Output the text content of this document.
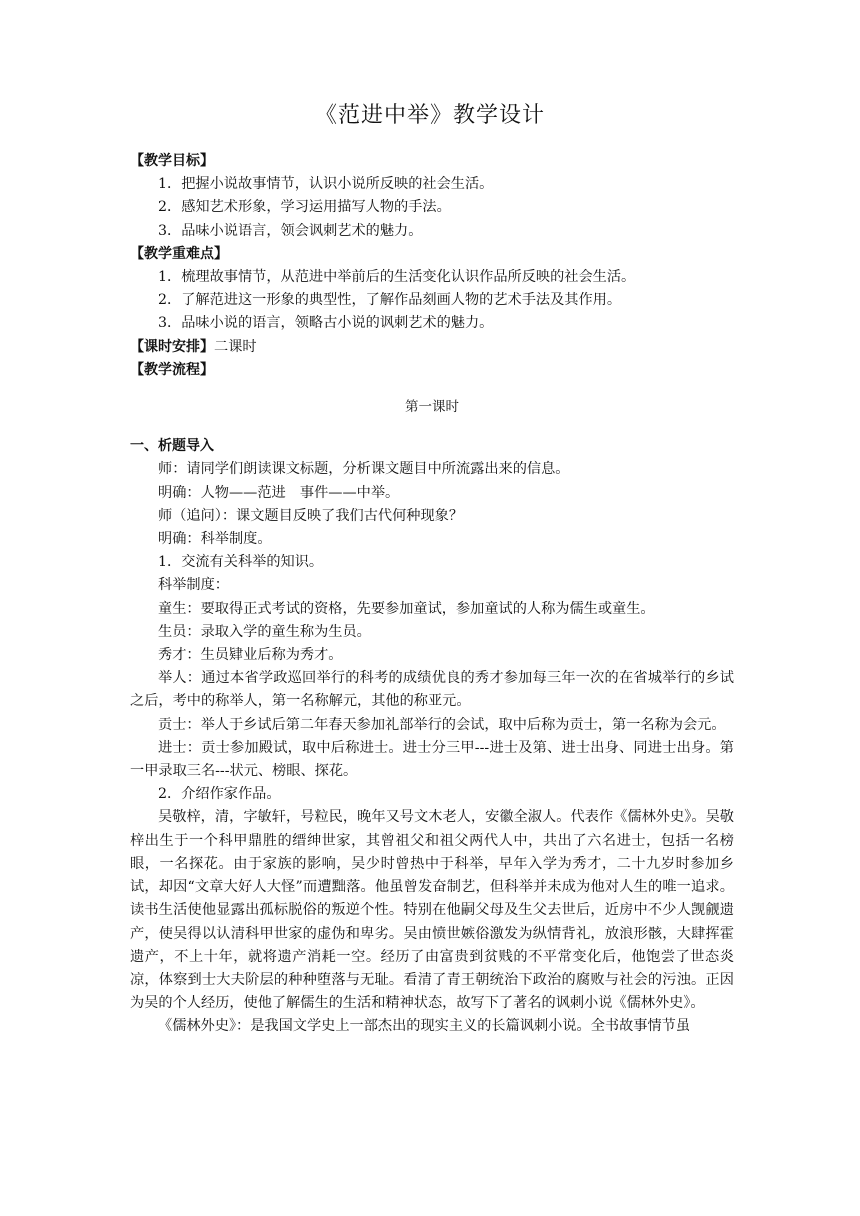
《范进中举》教学设计

【教学目标】

1．把握小说故事情节，认识小说所反映的社会生活。

2．感知艺术形象，学习运用描写人物的手法。

3．品味小说语言，领会讽刺艺术的魅力。

【教学重难点】

1．梳理故事情节，从范进中举前后的生活变化认识作品所反映的社会生活。

2．了解范进这一形象的典型性，了解作品刻画人物的艺术手法及其作用。

3．品味小说的语言，领略古小说的讽刺艺术的魅力。

【课时安排】二课时

【教学流程】

第一课时

一、析题导入

师：请同学们朗读课文标题，分析课文题目中所流露出来的信息。

明确：人物——范进　事件——中举。

师（追问）：课文题目反映了我们古代何种现象？

明确：科举制度。

1．交流有关科举的知识。

科举制度：

童生：要取得正式考试的资格，先要参加童试，参加童试的人称为儒生或童生。

生员：录取入学的童生称为生员。

秀才：生员肄业后称为秀才。

举人：通过本省学政巡回举行的科考的成绩优良的秀才参加每三年一次的在省城举行的乡试之后，考中的称举人，第一名称解元，其他的称亚元。

贡士：举人于乡试后第二年春天参加礼部举行的会试，取中后称为贡士，第一名称为会元。

进士：贡士参加殿试，取中后称进士。进士分三甲---进士及第、进士出身、同进士出身。第一甲录取三名---状元、榜眼、探花。

2．介绍作家作品。

吴敬梓，清，字敏轩，号粒民，晚年又号文木老人，安徽全淑人。代表作《儒林外史》。吴敬梓出生于一个科甲鼎胜的缙绅世家，其曾祖父和祖父两代人中，共出了六名进士，包括一名榜眼，一名探花。由于家族的影响，吴少时曾热中于科举，早年入学为秀才，二十九岁时参加乡试，却因“文章大好人大怪”而遭黜落。他虽曾发奋制艺，但科举并未成为他对人生的唯一追求。读书生活使他显露出孤标脱俗的叛逆个性。特别在他嗣父母及生父去世后，近房中不少人觊觎遗产，使吴得以认清科甲世家的虚伪和卑劣。吴由愤世嫉俗激发为纵情背礼，放浪形骸，大肆挥霍遗产，不上十年，就将遗产消耗一空。经历了由富贵到贫贱的不平常变化后，他饱尝了世态炎凉，体察到士大夫阶层的种种堕落与无耻。看清了青王朝统治下政治的腐败与社会的污浊。正因为吴的个人经历，使他了解儒生的生活和精神状态，故写下了著名的讽刺小说《儒林外史》。

《儒林外史》：是我国文学史上一部杰出的现实主义的长篇讽刺小说。全书故事情节虽
